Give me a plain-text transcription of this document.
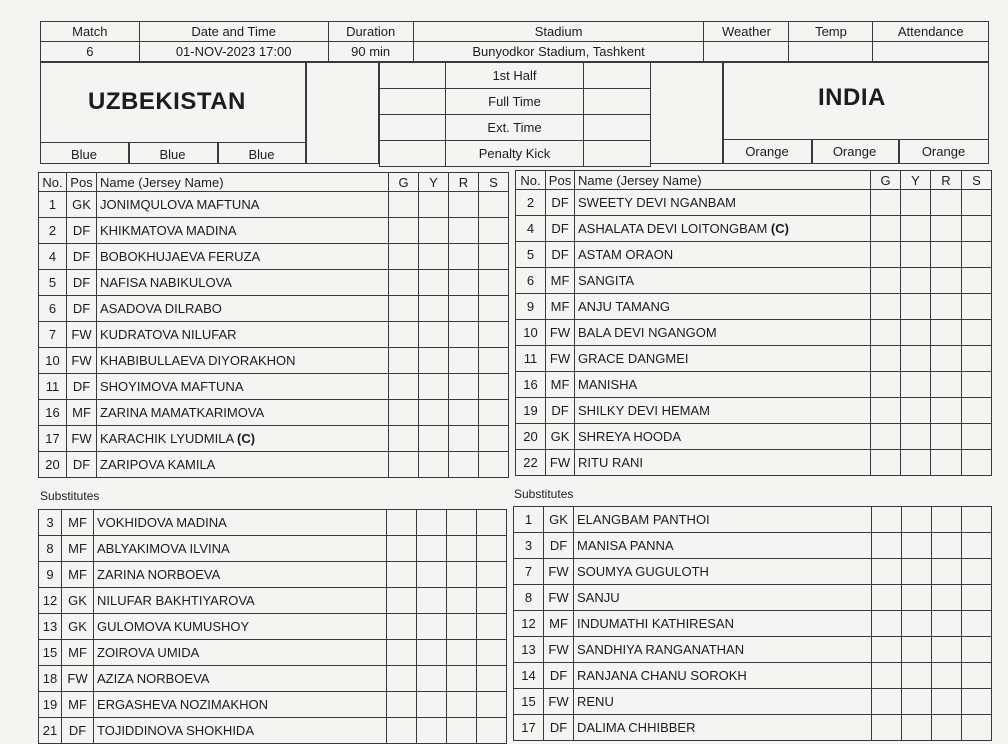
Match	Date and Time	Duration	Stadium	Weather	Temp	Attendance
6	01-NOV-2023 17:00	90 min	Bunyodkor Stadium, Tashkent			
UZBEKISTAN
Blue	Blue	Blue
	1st Half	
	Full Time	
	Ext. Time	
	Penalty Kick	
INDIA
Orange	Orange	Orange
No.	Pos	Name (Jersey Name)	G	Y	R	S
1	GK	JONIMQULOVA MAFTUNA				
2	DF	KHIKMATOVA MADINA				
4	DF	BOBOKHUJAEVA FERUZA				
5	DF	NAFISA NABIKULOVA				
6	DF	ASADOVA DILRABO				
7	FW	KUDRATOVA NILUFAR				
10	FW	KHABIBULLAEVA DIYORAKHON				
11	DF	SHOYIMOVA MAFTUNA				
16	MF	ZARINA MAMATKARIMOVA				
17	FW	KARACHIK LYUDMILA (C)				
20	DF	ZARIPOVA KAMILA				
No.	Pos	Name (Jersey Name)	G	Y	R	S
2	DF	SWEETY DEVI NGANBAM				
4	DF	ASHALATA DEVI LOITONGBAM (C)				
5	DF	ASTAM ORAON				
6	MF	SANGITA				
9	MF	ANJU TAMANG				
10	FW	BALA DEVI NGANGOM				
11	FW	GRACE DANGMEI				
16	MF	MANISHA				
19	DF	SHILKY DEVI HEMAM				
20	GK	SHREYA HOODA				
22	FW	RITU RANI				
Substitutes	Substitutes
3	MF	VOKHIDOVA MADINA				
8	MF	ABLYAKIMOVA ILVINA				
9	MF	ZARINA NORBOEVA				
12	GK	NILUFAR BAKHTIYAROVA				
13	GK	GULOMOVA KUMUSHOY				
15	MF	ZOIROVA UMIDA				
18	FW	AZIZA NORBOEVA				
19	MF	ERGASHEVA NOZIMAKHON				
21	DF	TOJIDDINOVA SHOKHIDA				
1	GK	ELANGBAM PANTHOI				
3	DF	MANISA PANNA				
7	FW	SOUMYA GUGULOTH				
8	FW	SANJU				
12	MF	INDUMATHI KATHIRESAN				
13	FW	SANDHIYA RANGANATHAN				
14	DF	RANJANA CHANU SOROKH				
15	FW	RENU				
17	DF	DALIMA CHHIBBER				
